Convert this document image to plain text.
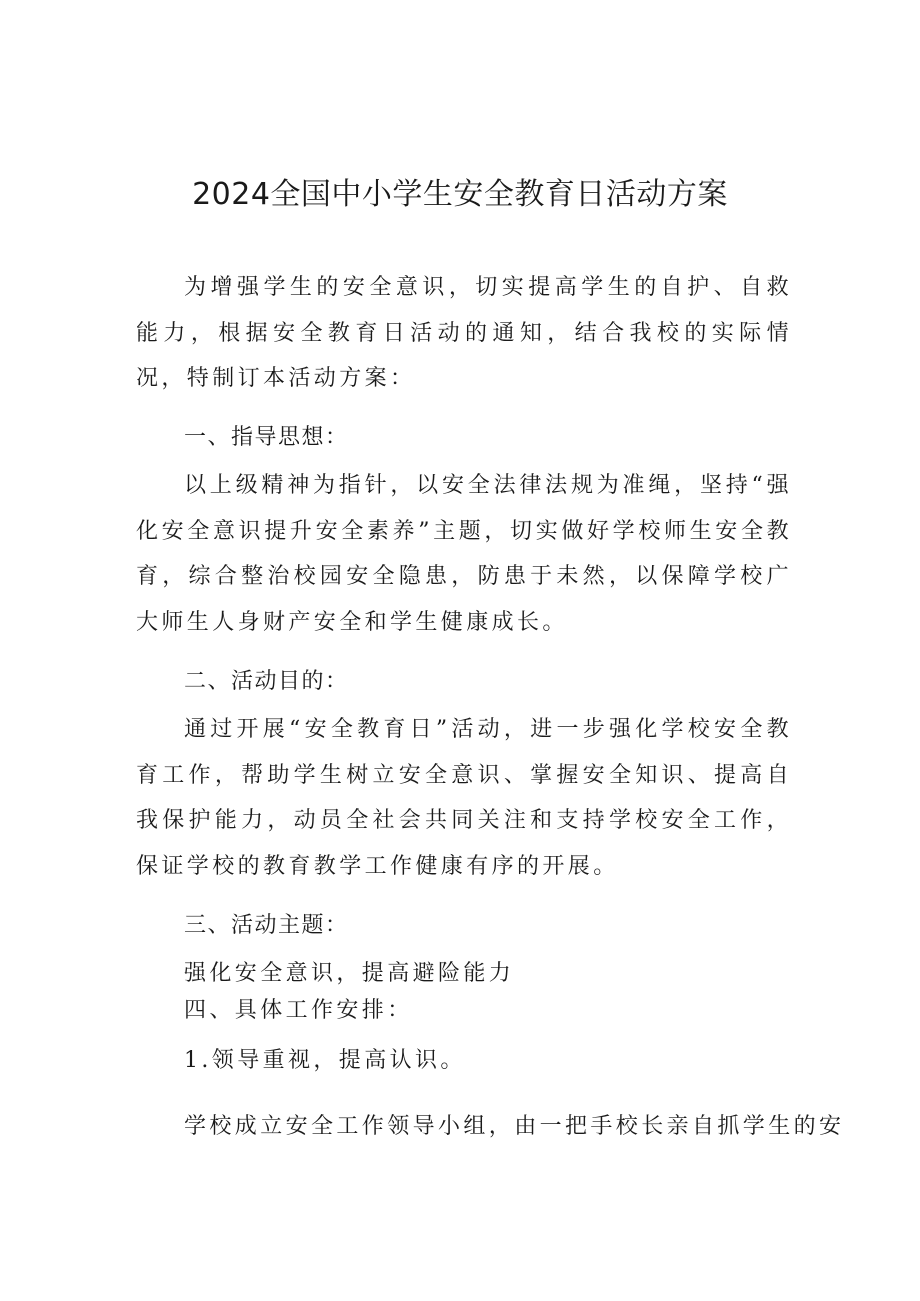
2024全国中小学生安全教育日活动方案

为增强学生的安全意识，切实提高学生的自护、自救能力，根据安全教育日活动的通知，结合我校的实际情况，特制订本活动方案：

一、指导思想：

以上级精神为指针，以安全法律法规为准绳，坚持“强化安全意识提升安全素养”主题，切实做好学校师生安全教育，综合整治校园安全隐患，防患于未然，以保障学校广大师生人身财产安全和学生健康成长。

二、活动目的：

通过开展“安全教育日”活动，进一步强化学校安全教育工作，帮助学生树立安全意识、掌握安全知识、提高自我保护能力，动员全社会共同关注和支持学校安全工作，保证学校的教育教学工作健康有序的开展。

三、活动主题：
强化安全意识，提高避险能力
四、具体工作安排：
1.领导重视，提高认识。
学校成立安全工作领导小组，由一把手校长亲自抓学生的安
